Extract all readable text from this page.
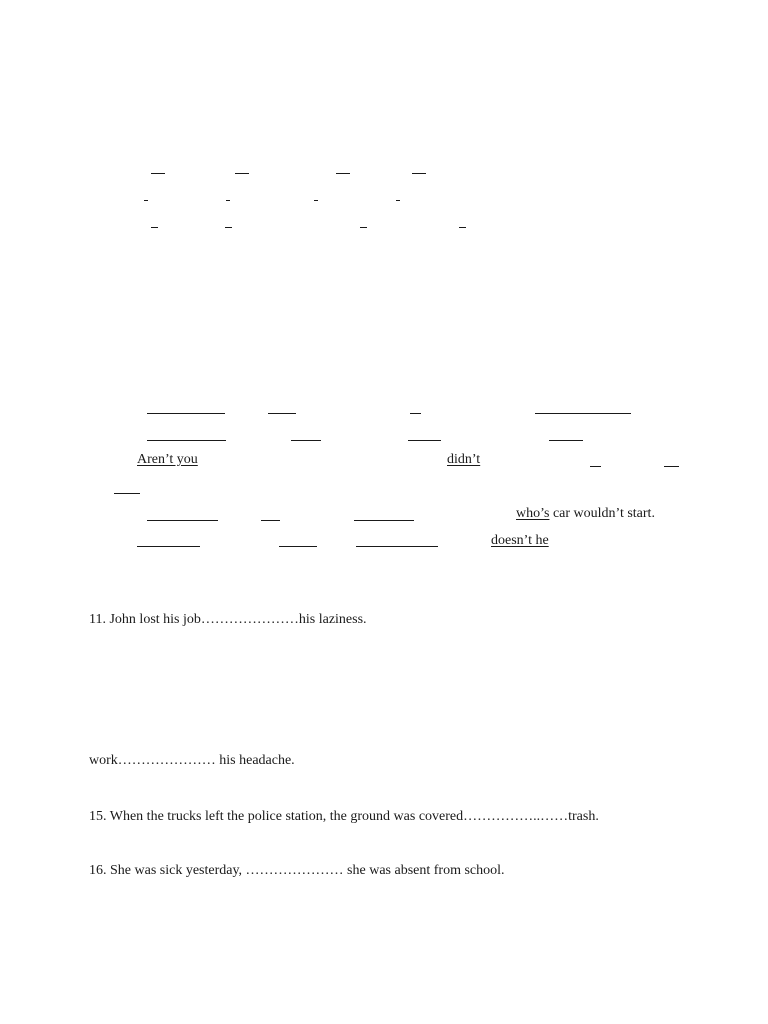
Aren’t you	didn’t
who’s car wouldn’t start.
doesn’t he
11. John lost his job…………………his laziness.
work………………… his headache.
15. When the trucks left the police station, the ground was covered……………..……trash.
16. She was sick yesterday, ………………… she was absent from school.
